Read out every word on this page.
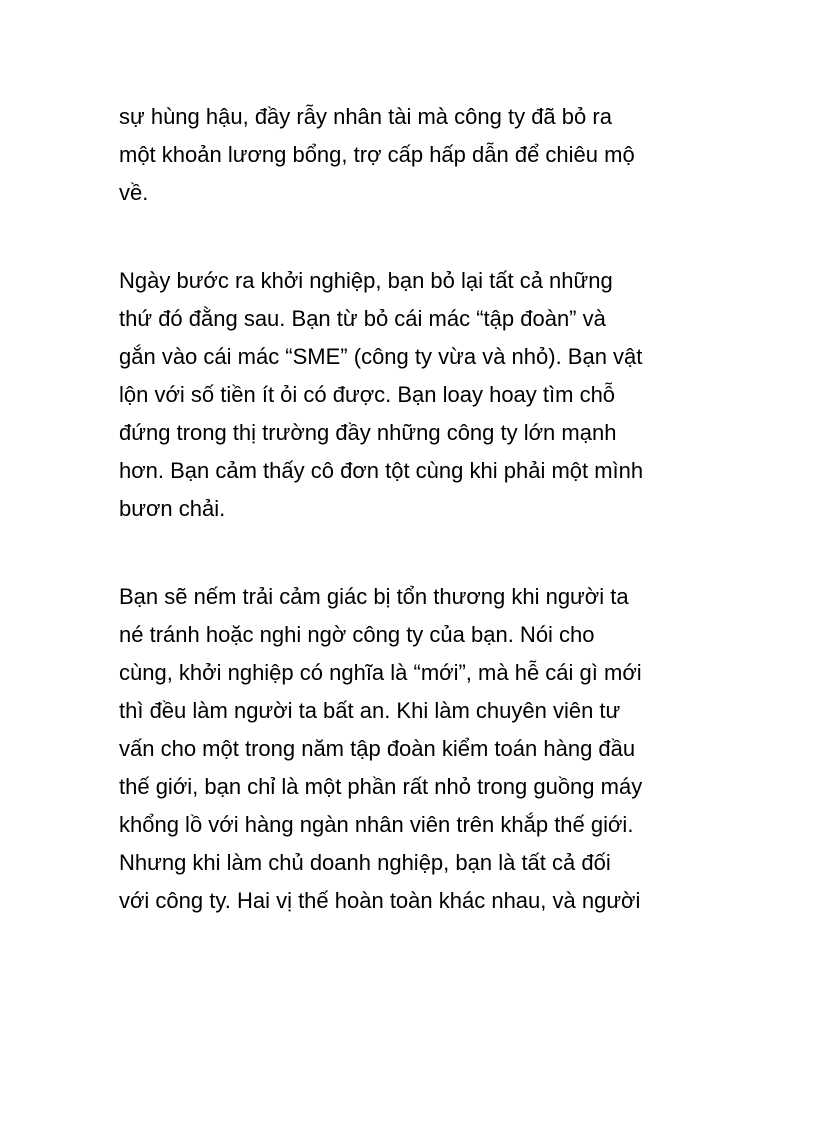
sự hùng hậu, đầy rẫy nhân tài mà công ty đã bỏ ra
một khoản lương bổng, trợ cấp hấp dẫn để chiêu mộ
về.
Ngày bước ra khởi nghiệp, bạn bỏ lại tất cả những
thứ đó đằng sau. Bạn từ bỏ cái mác “tập đoàn” và
gắn vào cái mác “SME” (công ty vừa và nhỏ). Bạn vật
lộn với số tiền ít ỏi có được. Bạn loay hoay tìm chỗ
đứng trong thị trường đầy những công ty lớn mạnh
hơn. Bạn cảm thấy cô đơn tột cùng khi phải một mình
bươn chải.
Bạn sẽ nếm trải cảm giác bị tổn thương khi người ta
né tránh hoặc nghi ngờ công ty của bạn. Nói cho
cùng, khởi nghiệp có nghĩa là “mới”, mà hễ cái gì mới
thì đều làm người ta bất an. Khi làm chuyên viên tư
vấn cho một trong năm tập đoàn kiểm toán hàng đầu
thế giới, bạn chỉ là một phần rất nhỏ trong guồng máy
khổng lồ với hàng ngàn nhân viên trên khắp thế giới.
Nhưng khi làm chủ doanh nghiệp, bạn là tất cả đối
với công ty. Hai vị thế hoàn toàn khác nhau, và người
